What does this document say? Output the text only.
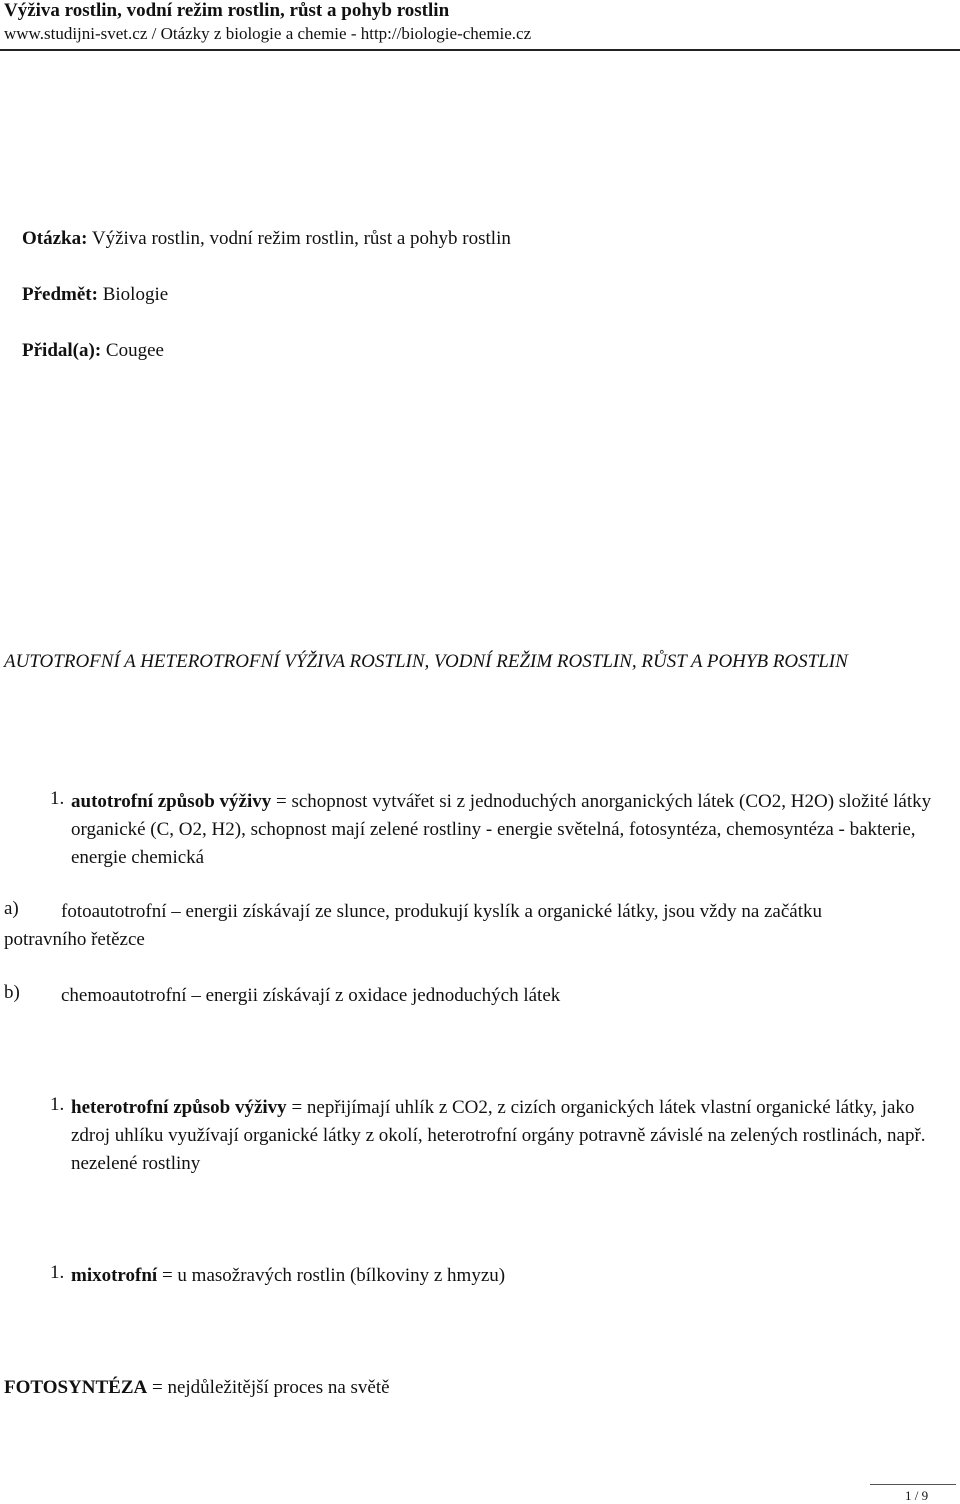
Výživa rostlin, vodní režim rostlin, růst a pohyb rostlin
www.studijni-svet.cz / Otázky z biologie a chemie - http://biologie-chemie.cz
Otázka: Výživa rostlin, vodní režim rostlin, růst a pohyb rostlin
Předmět: Biologie
Přidal(a): Cougee
AUTOTROFNÍ A HETEROTROFNÍ VÝŽIVA ROSTLIN, VODNÍ REŽIM ROSTLIN, RŮST A POHYB ROSTLIN
1. autotrofní způsob výživy = schopnost vytvářet si z jednoduchých anorganických látek (CO2, H2O) složité látky organické (C, O2, H2), schopnost mají zelené rostliny - energie světelná, fotosyntéza, chemosyntéza - bakterie, energie chemická
fotoautotrofní – energii získávají ze slunce, produkují kyslík a organické látky, jsou vždy na začátku potravního řetězce
a)
chemoautotrofní – energii získávají z oxidace jednoduchých látek
b)
1. heterotrofní způsob výživy = nepřijímají uhlík z CO2, z cizích organických látek vlastní organické látky, jako zdroj uhlíku využívají organické látky z okolí, heterotrofní orgány potravně závislé na zelených rostlinách, např. nezelené rostliny
1. mixotrofní = u masožravých rostlin (bílkoviny z hmyzu)
FOTOSYNTÉZA = nejdůležitější proces na světě
1 / 9
